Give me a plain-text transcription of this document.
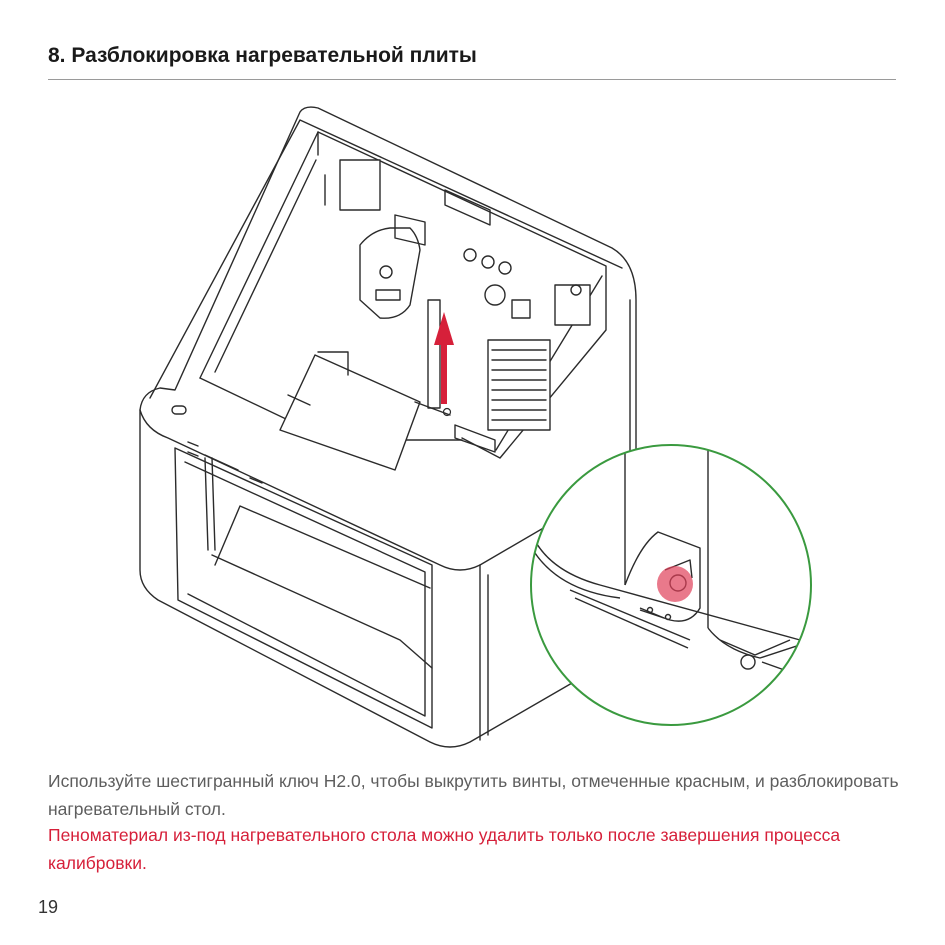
8. Разблокировка нагревательной плиты
Используйте шестигранный ключ H2.0, чтобы выкрутить винты, отмеченные красным, и разблокировать нагревательный стол.
Пеноматериал из-под нагревательного стола можно удалить только после завершения процесса калибровки.
19
